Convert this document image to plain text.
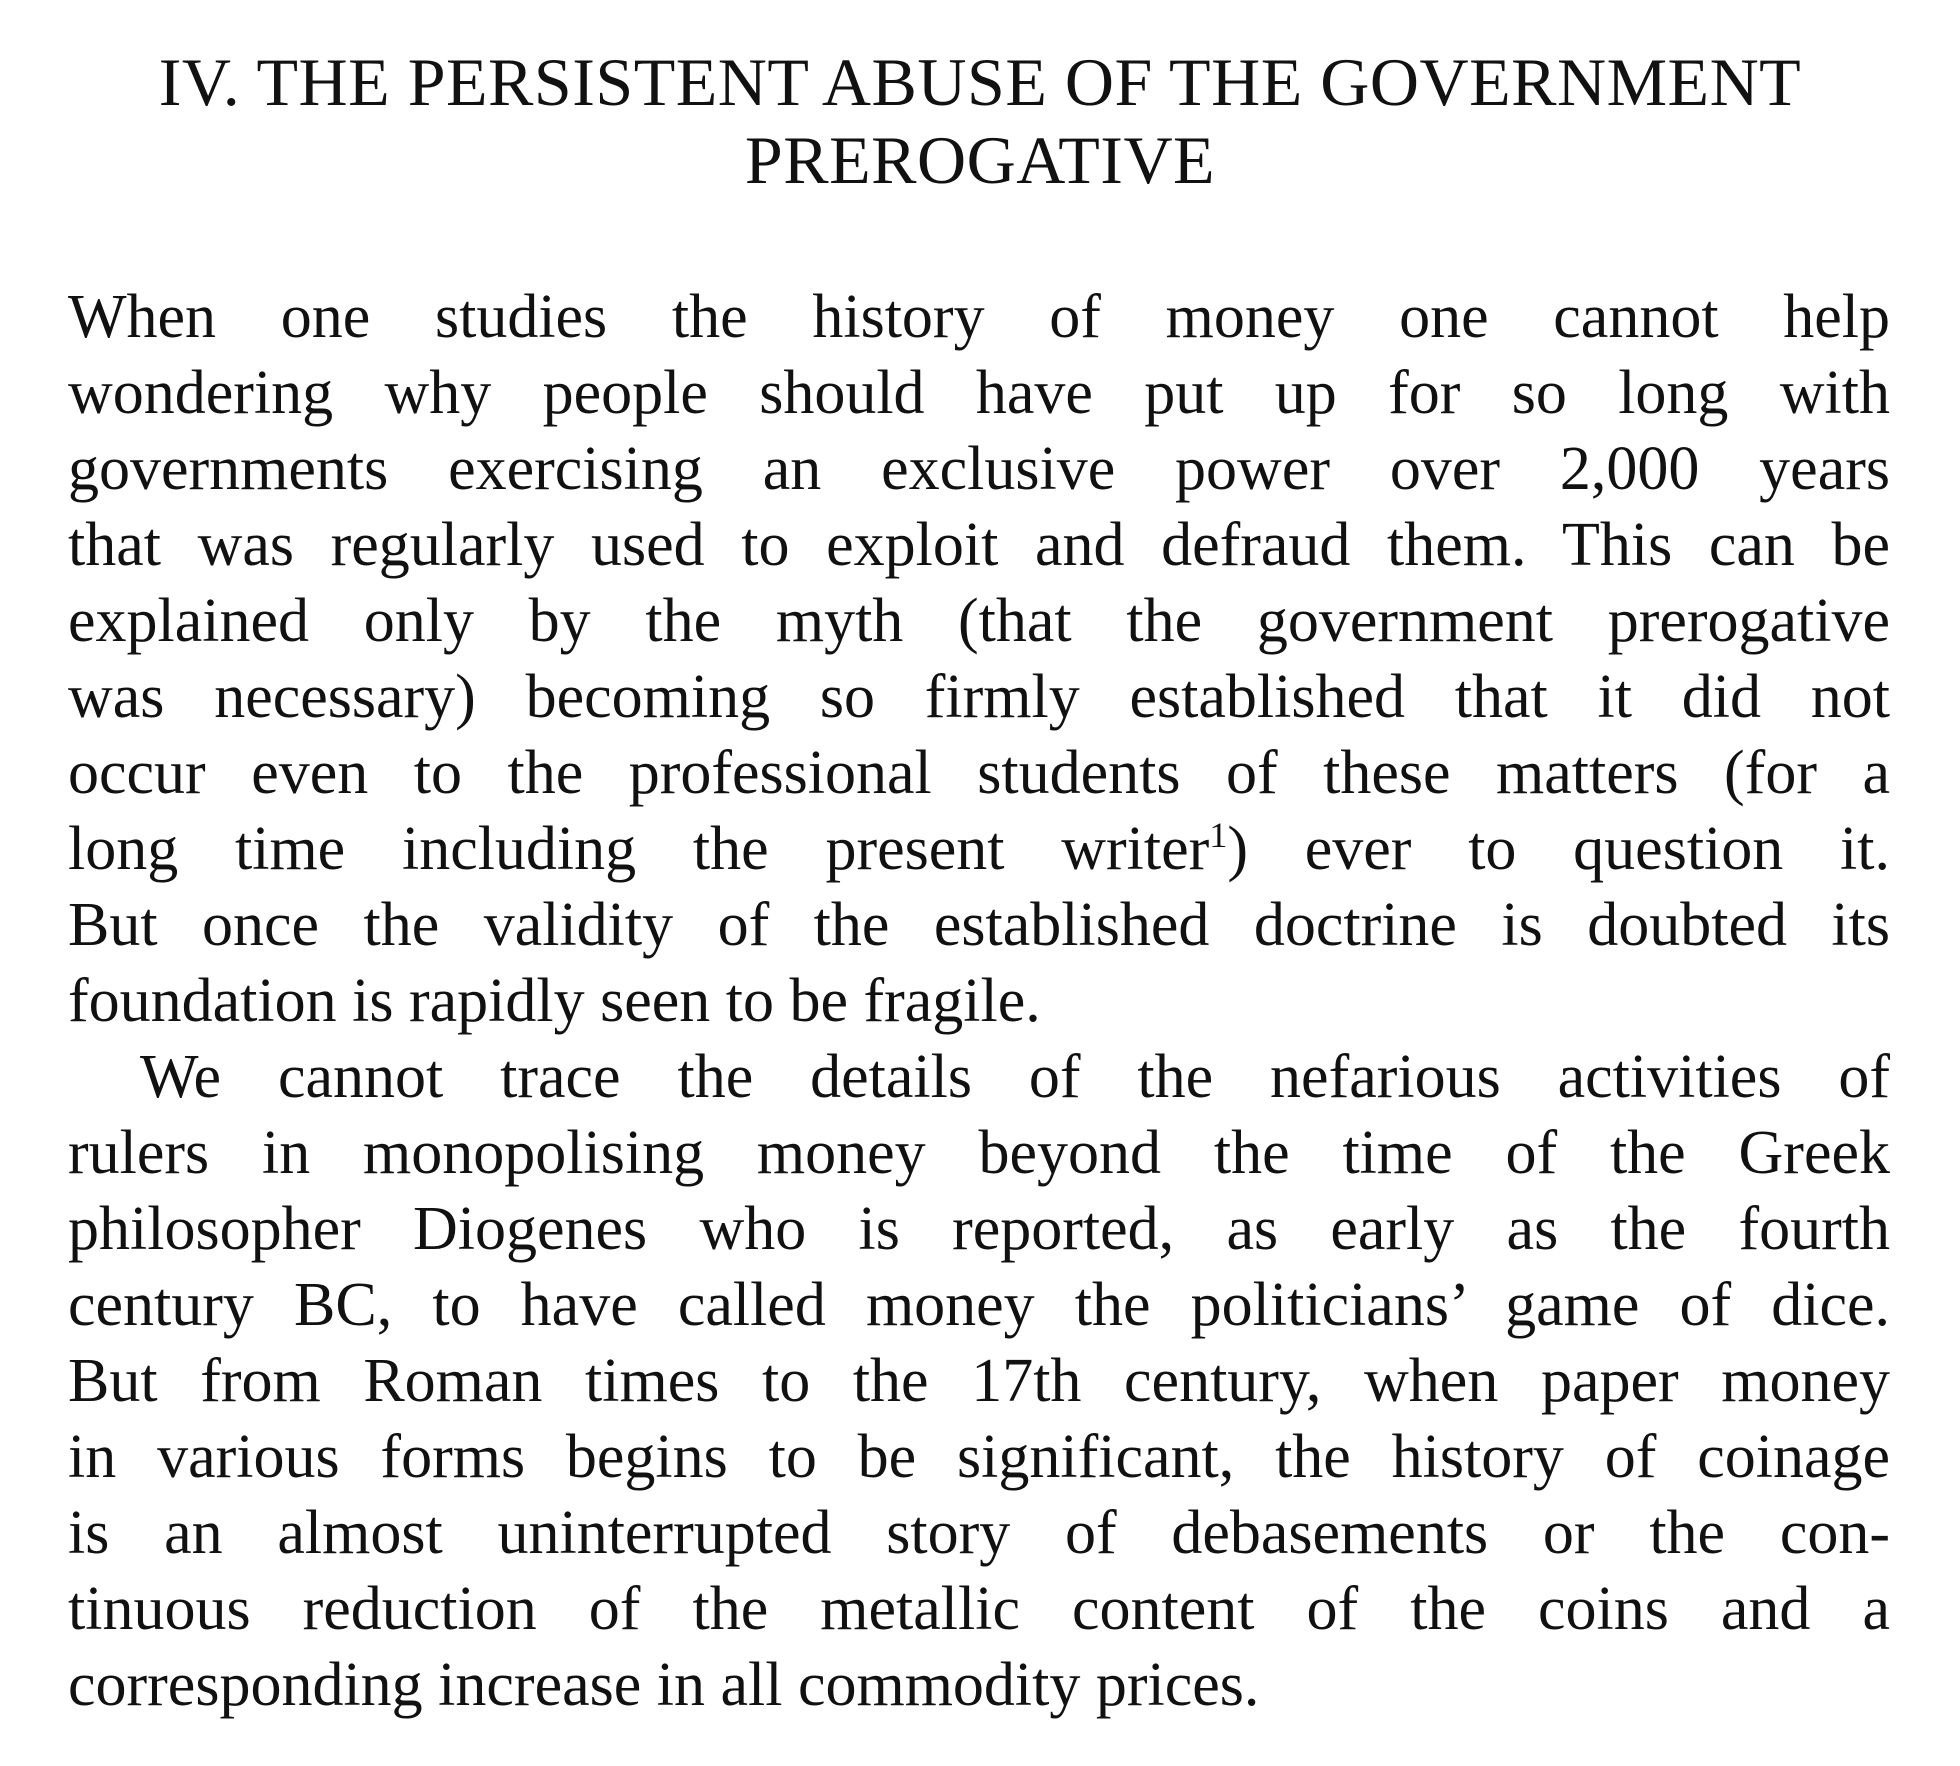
IV. THE PERSISTENT ABUSE OF THE GOVERNMENT
PREROGATIVE
When one studies the history of money one cannot help
wondering why people should have put up for so long with
governments exercising an exclusive power over 2,000 years
that was regularly used to exploit and defraud them. This can be
explained only by the myth (that the government prerogative
was necessary) becoming so firmly established that it did not
occur even to the professional students of these matters (for a
long time including the present writer$^1$) ever to question it.
But once the validity of the established doctrine is doubted its
foundation is rapidly seen to be fragile.
We cannot trace the details of the nefarious activities of
rulers in monopolising money beyond the time of the Greek
philosopher Diogenes who is reported, as early as the fourth
century BC, to have called money the politicians’ game of dice.
But from Roman times to the 17th century, when paper money
in various forms begins to be significant, the history of coinage
is an almost uninterrupted story of debasements or the con-
tinuous reduction of the metallic content of the coins and a
corresponding increase in all commodity prices.
